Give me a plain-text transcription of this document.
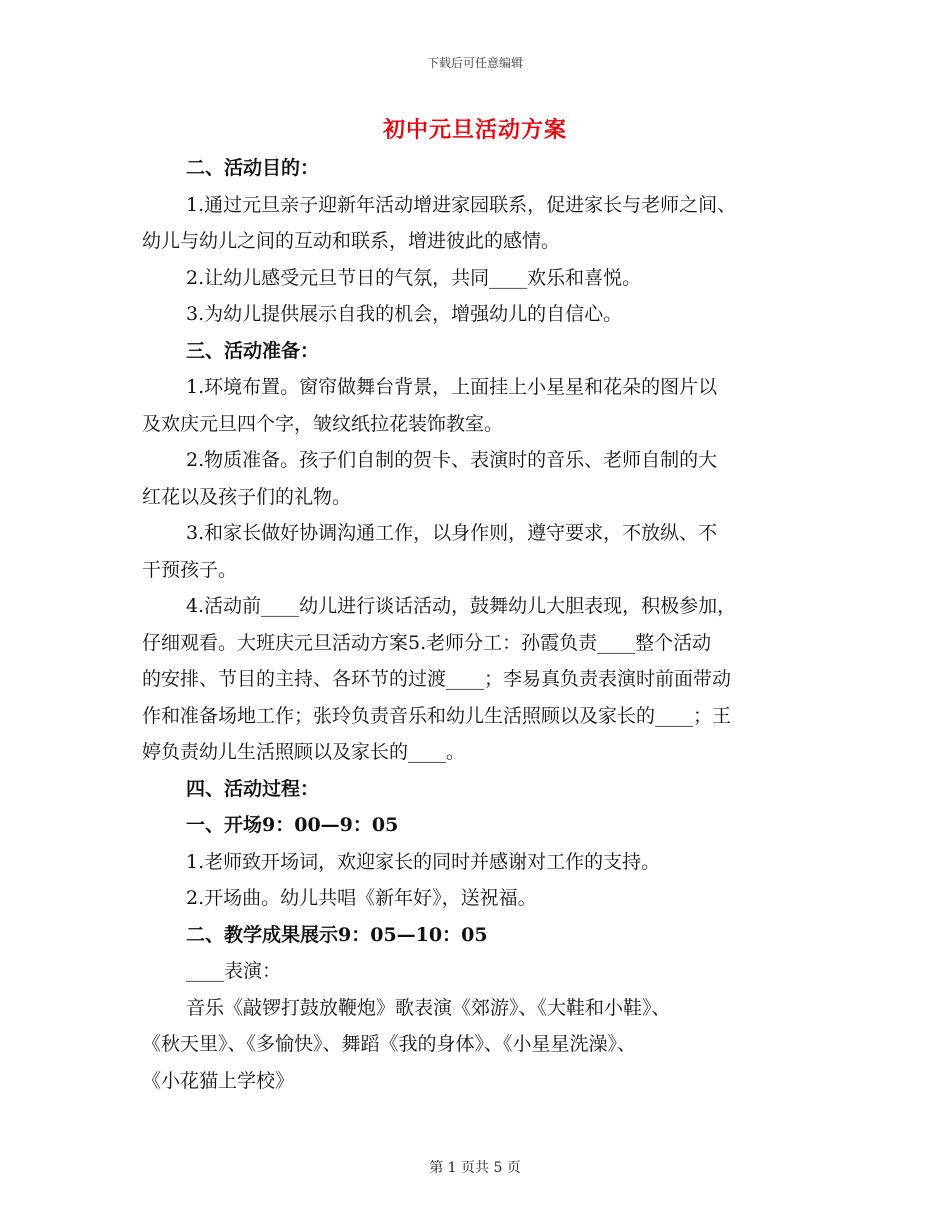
下载后可任意编辑
初中元旦活动方案
二、活动目的：
1.通过元旦亲子迎新年活动增进家园联系，促进家长与老师之间、
幼儿与幼儿之间的互动和联系，增进彼此的感情。
2.让幼儿感受元旦节日的气氛，共同____欢乐和喜悦。
3.为幼儿提供展示自我的机会，增强幼儿的自信心。
三、活动准备：
1.环境布置。窗帘做舞台背景，上面挂上小星星和花朵的图片以
及欢庆元旦四个字，皱纹纸拉花装饰教室。
2.物质准备。孩子们自制的贺卡、表演时的音乐、老师自制的大
红花以及孩子们的礼物。
3.和家长做好协调沟通工作，以身作则，遵守要求，不放纵、不
干预孩子。
4.活动前____幼儿进行谈话活动，鼓舞幼儿大胆表现，积极参加，
仔细观看。大班庆元旦活动方案5.老师分工：孙霞负责____整个活动
的安排、节目的主持、各环节的过渡____；李易真负责表演时前面带动
作和准备场地工作；张玲负责音乐和幼儿生活照顾以及家长的____；王
婷负责幼儿生活照顾以及家长的____。
四、活动过程：
一、开场9：00—9：05
1.老师致开场词，欢迎家长的同时并感谢对工作的支持。
2.开场曲。幼儿共唱《新年好》，送祝福。
二、教学成果展示9：05—10：05
____表演：
音乐《敲锣打鼓放鞭炮》歌表演《郊游》、《大鞋和小鞋》、
《秋天里》、《多愉快》、舞蹈《我的身体》、《小星星洗澡》、
《小花猫上学校》
第 1 页共 5 页
